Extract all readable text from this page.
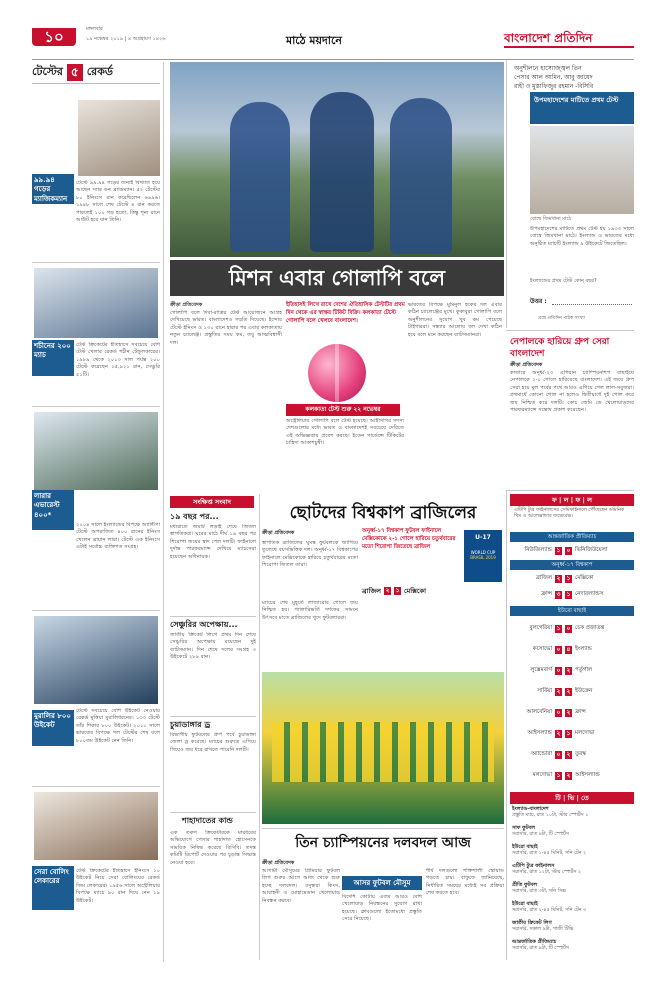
১০	মঙ্গলবার
১৯ নভেম্বর ২০১৯ | ৪ অগ্রহায়ণ ১৪২৬	মাঠে ময়দানে	বাংলাদেশ প্রতিদিন
টেস্টের ৫ রেকর্ড
৯৯.৯৪ গড়ের ম্যাজিকম্যান
টেস্টে ৯৯.৯৪ গড়ের জন্যই বিখ্যাত হয়ে আছেন স্যার ডন ব্র্যাডম্যান। ৫২ টেস্টের ৮০ ইনিংসে রান করেছিলেন ৬৯৯৬। ১৯৪৮ সালে শেষ টেস্টে ৪ রান করতে পারলেই ১০০ গড় হতো, কিন্তু শূন্য রানে আউট হয়ে যান তিনি।
শচীনের ২০০ ম্যাচ
টেস্ট ক্রিকেটের ইতিহাসে সবচেয়ে বেশি টেস্ট খেলার রেকর্ড শচীন টেন্ডুলকারের। ১৯৮৯ থেকে ২০১৩ সাল পর্যন্ত ২০০ টেস্টে করেছেন ১৫,৯২১ রান, সেঞ্চুরি ৫১টি।
লারার এভারেস্ট ৪০০*
২০০৪ সালে ইংল্যান্ডের বিপক্ষে অ্যান্টিগা টেস্টে অপরাজিত ৪০০ রানের ইনিংস খেলেন ব্রায়ান লারা। টেস্টে এক ইনিংসে এটাই সর্বোচ্চ ব্যক্তিগত সংগ্রহ।
মুরালির ৮০০ উইকেট
টেস্টে সবচেয়ে বেশি উইকেট নেওয়ার রেকর্ড মুত্তিয়া মুরালিধরনের। ১৩৩ টেস্টে তাঁর শিকার ৮০০ উইকেট। ২০১০ সালে ভারতের বিপক্ষে গল টেস্টের শেষ বলে ৮০০তম উইকেট নেন তিনি।
সেরা বোলিং লেকারের
টেস্ট ক্রিকেটের ইতিহাসে ইনিংসে ১০ উইকেট নিয়ে সেরা বোলিংয়ের রেকর্ড জিম লেকারের। ১৯৫৬ সালে অস্ট্রেলিয়ার বিপক্ষে ম্যাচে ৯০ রান দিয়ে নেন ১৯ উইকেট।
অনুশীলনে হাস্যোজ্জ্বল তিন পেসার আল আমিন, আবু জায়েদ রাহী ও মুস্তাফিজুর রহমান -বিসিবি
উপমহাদেশের মাটিতে প্রথম টেস্ট
বোম্বে জিমখানা মাঠে
উপমহাদেশের মাটিতে প্রথম টেস্ট হয় ১৯৩৩ সালে বোম্বে জিমখানা মাঠে। ইংল্যান্ড ও ভারতের মধ্যে অনুষ্ঠিত ম্যাচটি ইংল্যান্ড ৯ উইকেটে জিতেছিল।
ইংল্যান্ডের প্রথম টেস্ট কোন্‌ বছর?
উত্তর :
প্রশ্নে প্রতিদিন পাঠক সংখ্যা
মিশন এবার গোলাপি বলে
ক্রীড়া প্রতিবেদক
গোলাপি বলে দিবা-রাত্রির টেস্ট আয়োজনে আগ্রহ দেখিয়েছে ভারত। বাংলাদেশও সম্মতি দিয়েছে। ইন্দোর টেস্টে ইনিংস ও ১৩০ রানে হারার পর এবার কলকাতায় নতুন চ্যালেঞ্জ। প্রস্তুতির সময় কম, তবু আত্মবিশ্বাসী দল।
ইতিহাসই লিখে রাখে দেশের ঐতিহাসিক টেস্টটির প্রথম দিন থেকে এর স্বাক্ষর টিকিট বিক্রি। কলকাতা টেস্টে গোলাপি বলে খেলবে বাংলাদেশ।
কলকাতা টেস্ট শুরু ২২ নভেম্বর
অস্ট্রেলিয়ায় গোলাপি বলে টেস্ট হয়েছে। আইসিসির সদস্য দেশগুলোর মধ্যে ভারত ও বাংলাদেশই সবচেয়ে দেরিতে এই অভিজ্ঞতায় প্রবেশ করছে। ইডেন গার্ডেন্সে টিকিটের চাহিদা আকাশচুম্বী।
ভারতের বিপক্ষে মুমিনুল হকের দল এবার কঠিন চ্যালেঞ্জের মুখে। কুকাবুরা গোলাপি বলে অনুশীলনের সুযোগ খুব কম পেয়েছে টাইগাররা। সন্ধ্যার আলোয় বল দেখা কঠিন হবে বলে মনে করছেন ব্যাটসম্যানরা।
নেপালকে হারিয়ে গ্রুপ সেরা বাংলাদেশ
ক্রীড়া প্রতিবেদক
কাতারে অনূর্ধ্ব-২৩ এশিয়ান চ্যাম্পিয়নশিপ বাছাইয়ে নেপালকে ২-০ গোলে হারিয়েছে বাংলাদেশ। এই জয়ে গ্রুপ সেরা হয়ে মূল পর্বের পথে আরও এগিয়ে গেল লাল-সবুজরা। প্রথমার্ধে কোনো গোল না হলেও দ্বিতীয়ার্ধে দুই গোল করে জয় নিশ্চিত করে দলটি। কোচ জেমি ডে খেলোয়াড়দের পারফরম্যান্সে সন্তোষ প্রকাশ করেছেন।
সংক্ষিপ্ত সংবাদ
১৯ বছর পর...
মধ্যরাতে জমাট লড়াই শেষে জিতল স্বাগতিকরা। ঘরের মাঠে দীর্ঘ ১৯ বছর পর শিরোপা জয়ের স্বাদ পেল দলটি। ফাইনালে দুর্দান্ত পারফরম্যান্স দেখিয়ে ম্যাচসেরা হয়েছেন অধিনায়ক।
সেঞ্চুরির অপেক্ষায়...
জাতীয় ক্রিকেট লিগে প্রথম দিন শেষে সেঞ্চুরির অপেক্ষায় রয়েছেন দুই ব্যাটসম্যান। দিন শেষে দলের সংগ্রহ ৩ উইকেটে ২৮৯ রান।
চুয়াডাঙ্গার ড্র
বিভাগীয় ফুটবলের গ্রুপ পর্বে চুয়াডাঙ্গা জেলা ড্র করেছে। ম্যাচের শুরুতে এগিয়ে গিয়েও জয় ধরে রাখতে পারেনি দলটি।
শাহাদাতের কান্ড
এক তরুণ ক্রিকেটারকে মারধরের অভিযোগে পেসার শাহাদাত হোসেনকে সাময়িক নিষিদ্ধ করেছে বিসিবি। তদন্ত কমিটি রিপোর্ট দেওয়ার পর চূড়ান্ত সিদ্ধান্ত নেওয়া হবে।
ছোটদের বিশ্বকাপ ব্রাজিলের
ক্রীড়া প্রতিবেদক
স্বাগতিক ব্রাজিলের ঘুমন্ত ফুটবলকে জাগিয়ে তুলেছে বয়সভিত্তিক দল। অনূর্ধ্ব-১৭ বিশ্বকাপের ফাইনালে মেক্সিকোকে হারিয়ে চতুর্থবারের মতো শিরোপা জিতল তারা।
অনূর্ধ্ব-১৭ বিশ্বকাপ ফুটবল ফাইনালে মেক্সিকোকে ২-১ গোলে হারিয়ে চতুর্থবারের মতো শিরোপা জিতেছে ব্রাজিল
U-17
WORLD CUP
BRASIL 2019
ব্রাজিল ২ ১ মেক্সিকো
ম্যাচের শেষ মুহূর্তে লাজারোর গোলে জয় নিশ্চিত হয়। গ্যালারিভর্তি দর্শকের সামনে উৎসবে মাতে ব্রাজিলের খুদে ফুটবলাররা।
ফ | ল | ফ | ল
এটিপি ট্যুর ফাইনালসের সেমিফাইনালে পৌঁছেছেন ডমিনিক থিম ও আলেক্সান্ডার জভেরেভ।
আন্তর্জাতিক প্রীতিম্যাচ
নিউজিল্যান্ড ১ ০ ভিনিজিউয়েলা
অনূর্ধ্ব-১৭ বিশ্বকাপ
ব্রাজিল ২ ১ মেক্সিকো
ফ্রান্স ৩ ১ নেদারল্যান্ডস
ইউরো বাছাই
বুলগেরিয়া ১ ০ চেক প্রজাতন্ত্র
কসোভো ০ ৪ ইংল্যান্ড
লুক্সেমবার্গ ০ ২ পর্তুগাল
সার্বিয়া ২ ২ ইউক্রেন
আলবেনিয়া ০ ২ ফ্রান্স
আইসল্যান্ড ২ ১ মলদোভা
অ্যান্ডোরা ০ ২ তুরস্ক
মলদোভা ১ ২ আইসল্যান্ড
তিন চ্যাম্পিয়নের দলবদল আজ
ক্রীড়া প্রতিবেদক
আগামী মৌসুমের প্রিমিয়ার ফুটবল লিগ শুরুর আগে আজ থেকে শুরু হচ্ছে দলবদল। বসুন্ধরা কিংস, আবাহনী ও মোহামেডান খেলোয়াড় নিবন্ধন করবে।
আসর ফুটবল মৌসুম
বিদেশি কোটায় এবার আরও বেশি খেলোয়াড় নিবন্ধনের সুযোগ রাখা হয়েছে। ক্লাবগুলো ইতোমধ্যে প্রস্তুতি সেরে নিয়েছে।
শীর্ষ দলগুলো শক্তিশালী স্কোয়াড গড়তে চায়। বাফুফে জানিয়েছে, নির্ধারিত সময়ের মধ্যেই সব প্রক্রিয়া শেষ করতে হবে।
টি | ভি | তে
ইংল্যান্ড-বাংলাদেশ
প্রস্তুতি ম্যাচ, রাত ১০টা, স্টার স্পোর্টস ১
সাফ ফুটবল
সরাসরি, রাত ৯টা, টি স্পোর্টস
ইউরো বাছাই
সরাসরি, রাত ১-৪৫ মিনিট, সনি টেন ২
এটিপি ট্যুর ফাইনালস
সরাসরি, রাত ১২টা, স্টার স্পোর্টস ২
প্রীতি ফুটবল
সরাসরি, রাত ৩টা, সনি সিক্স
ইউরো বাছাই
সরাসরি, রাত ২-৪৫ মিনিট, সনি টেন ৩
জাতীয় ক্রিকেট লিগ
সরাসরি, সকাল ৯টা, গাজী টিভি
আন্তর্জাতিক প্রীতিম্যাচ
সরাসরি, রাত ৯টা, টি স্পোর্টস
